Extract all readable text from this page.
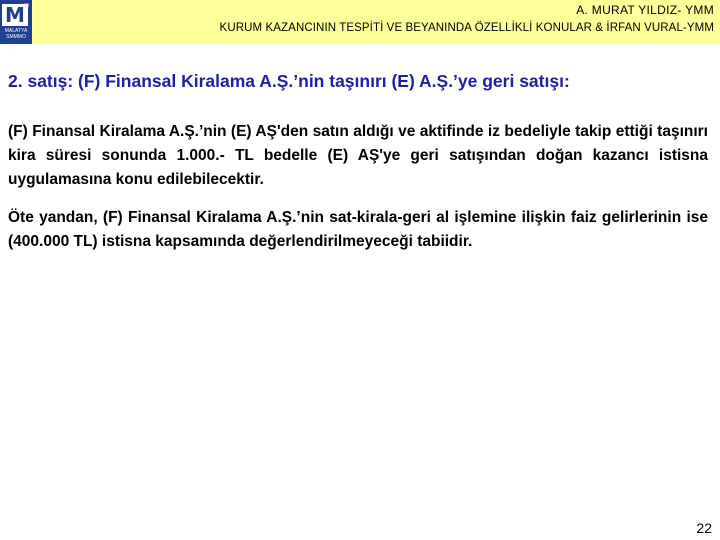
M m
MALATYA SMMMO
A. MURAT YILDIZ- YMM
KURUM KAZANCININ TESPİTİ VE BEYANINDA ÖZELLİKLİ KONULAR & İRFAN VURAL-YMM
2. satış: (F) Finansal Kiralama A.Ş.’nin taşınırı (E) A.Ş.’ye geri satışı:

(F) Finansal Kiralama A.Ş.’nin (E) AŞ'den satın aldığı ve aktifinde iz bedeliyle takip ettiği taşınırı kira süresi sonunda 1.000.- TL bedelle (E) AŞ'ye geri satışından doğan kazancı istisna uygulamasına konu edilebilecektir.

Öte yandan, (F) Finansal Kiralama A.Ş.’nin sat-kirala-geri al işlemine ilişkin faiz gelirlerinin ise (400.000 TL) istisna kapsamında değerlendirilmeyeceği tabiidir.

22
